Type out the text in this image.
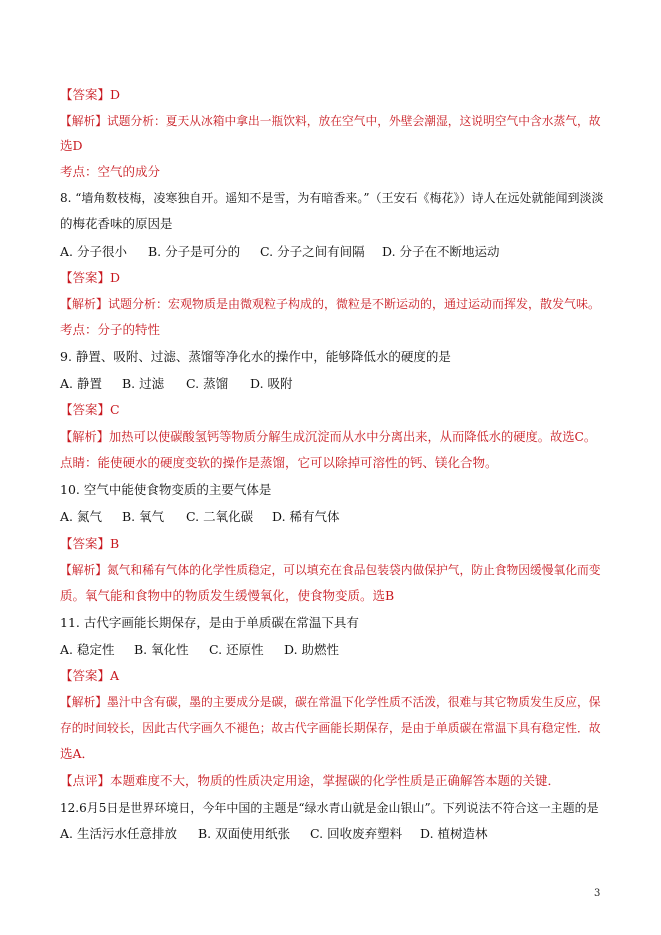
【答案】D
【解析】试题分析：夏天从冰箱中拿出一瓶饮料，放在空气中，外壁会潮湿，这说明空气中含水蒸气，故
选D
考点：空气的成分
8. “墙角数枝梅，凌寒独自开。遥知不是雪，为有暗香来。”（王安石《梅花》）诗人在远处就能闻到淡淡
的梅花香味的原因是
A. 分子很小 B. 分子是可分的 C. 分子之间有间隔 D. 分子在不断地运动
【答案】D
【解析】试题分析：宏观物质是由微观粒子构成的，微粒是不断运动的，通过运动而挥发，散发气味。
考点：分子的特性
9. 静置、吸附、过滤、蒸馏等净化水的操作中，能够降低水的硬度的是
A. 静置 B. 过滤 C. 蒸馏 D. 吸附
【答案】C
【解析】加热可以使碳酸氢钙等物质分解生成沉淀而从水中分离出来，从而降低水的硬度。故选C。
点睛：能使硬水的硬度变软的操作是蒸馏，它可以除掉可溶性的钙、镁化合物。
10. 空气中能使食物变质的主要气体是
A. 氮气 B. 氧气 C. 二氧化碳 D. 稀有气体
【答案】B
【解析】氮气和稀有气体的化学性质稳定，可以填充在食品包装袋内做保护气，防止食物因缓慢氧化而变
质。氧气能和食物中的物质发生缓慢氧化，使食物变质。选B
11. 古代字画能长期保存，是由于单质碳在常温下具有
A. 稳定性 B. 氧化性 C. 还原性 D. 助燃性
【答案】A
【解析】墨汁中含有碳，墨的主要成分是碳，碳在常温下化学性质不活泼，很难与其它物质发生反应，保
存的时间较长，因此古代字画久不褪色；故古代字画能长期保存，是由于单质碳在常温下具有稳定性．故
选A．
【点评】本题难度不大，物质的性质决定用途，掌握碳的化学性质是正确解答本题的关键．
12.6月5日是世界环境日，今年中国的主题是“绿水青山就是金山银山”。下列说法不符合这一主题的是
A. 生活污水任意排放 B. 双面使用纸张 C. 回收废弃塑料 D. 植树造林
3
